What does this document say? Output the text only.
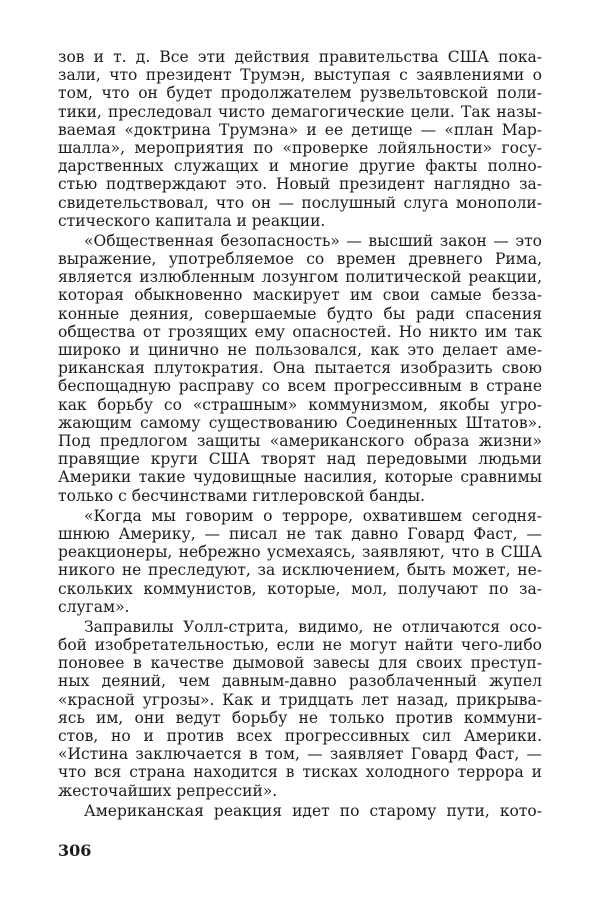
зов и т. д. Все эти действия правительства США пока-
зали, что президент Трумэн, выступая с заявлениями о
том, что он будет продолжателем рузвельтовской поли-
тики, преследовал чисто демагогические цели. Так назы-
ваемая «доктрина Трумэна» и ее детище — «план Мар-
шалла», мероприятия по «проверке лойяльности» госу-
дарственных служащих и многие другие факты полно-
стью подтверждают это. Новый президент наглядно за-
свидетельствовал, что он — послушный слуга монополи-
стического капитала и реакции.
«Общественная безопасность» — высший закон — это
выражение, употребляемое со времен древнего Рима,
является излюбленным лозунгом политической реакции,
которая обыкновенно маскирует им свои самые безза-
конные деяния, совершаемые будто бы ради спасения
общества от грозящих ему опасностей. Но никто им так
широко и цинично не пользовался, как это делает аме-
риканская плутократия. Она пытается изобразить свою
беспощадную расправу со всем прогрессивным в стране
как борьбу со «страшным» коммунизмом, якобы угро-
жающим самому существованию Соединенных Штатов».
Под предлогом защиты «американского образа жизни»
правящие круги США творят над передовыми людьми
Америки такие чудовищные насилия, которые сравнимы
только с бесчинствами гитлеровской банды.
«Когда мы говорим о терроре, охватившем сегодня-
шнюю Америку, — писал не так давно Говард Фаст, —
реакционеры, небрежно усмехаясь, заявляют, что в США
никого не преследуют, за исключением, быть может, не-
скольких коммунистов, которые, мол, получают по за-
слугам».
Заправилы Уолл-стрита, видимо, не отличаются осо-
бой изобретательностью, если не могут найти чего-либо
поновее в качестве дымовой завесы для своих преступ-
ных деяний, чем давным-давно разоблаченный жупел
«красной угрозы». Как и тридцать лет назад, прикрыва-
ясь им, они ведут борьбу не только против коммуни-
стов, но и против всех прогрессивных сил Америки.
«Истина заключается в том, — заявляет Говард Фаст, —
что вся страна находится в тисках холодного террора и
жесточайших репрессий».
Американская реакция идет по старому пути, кото-
306
